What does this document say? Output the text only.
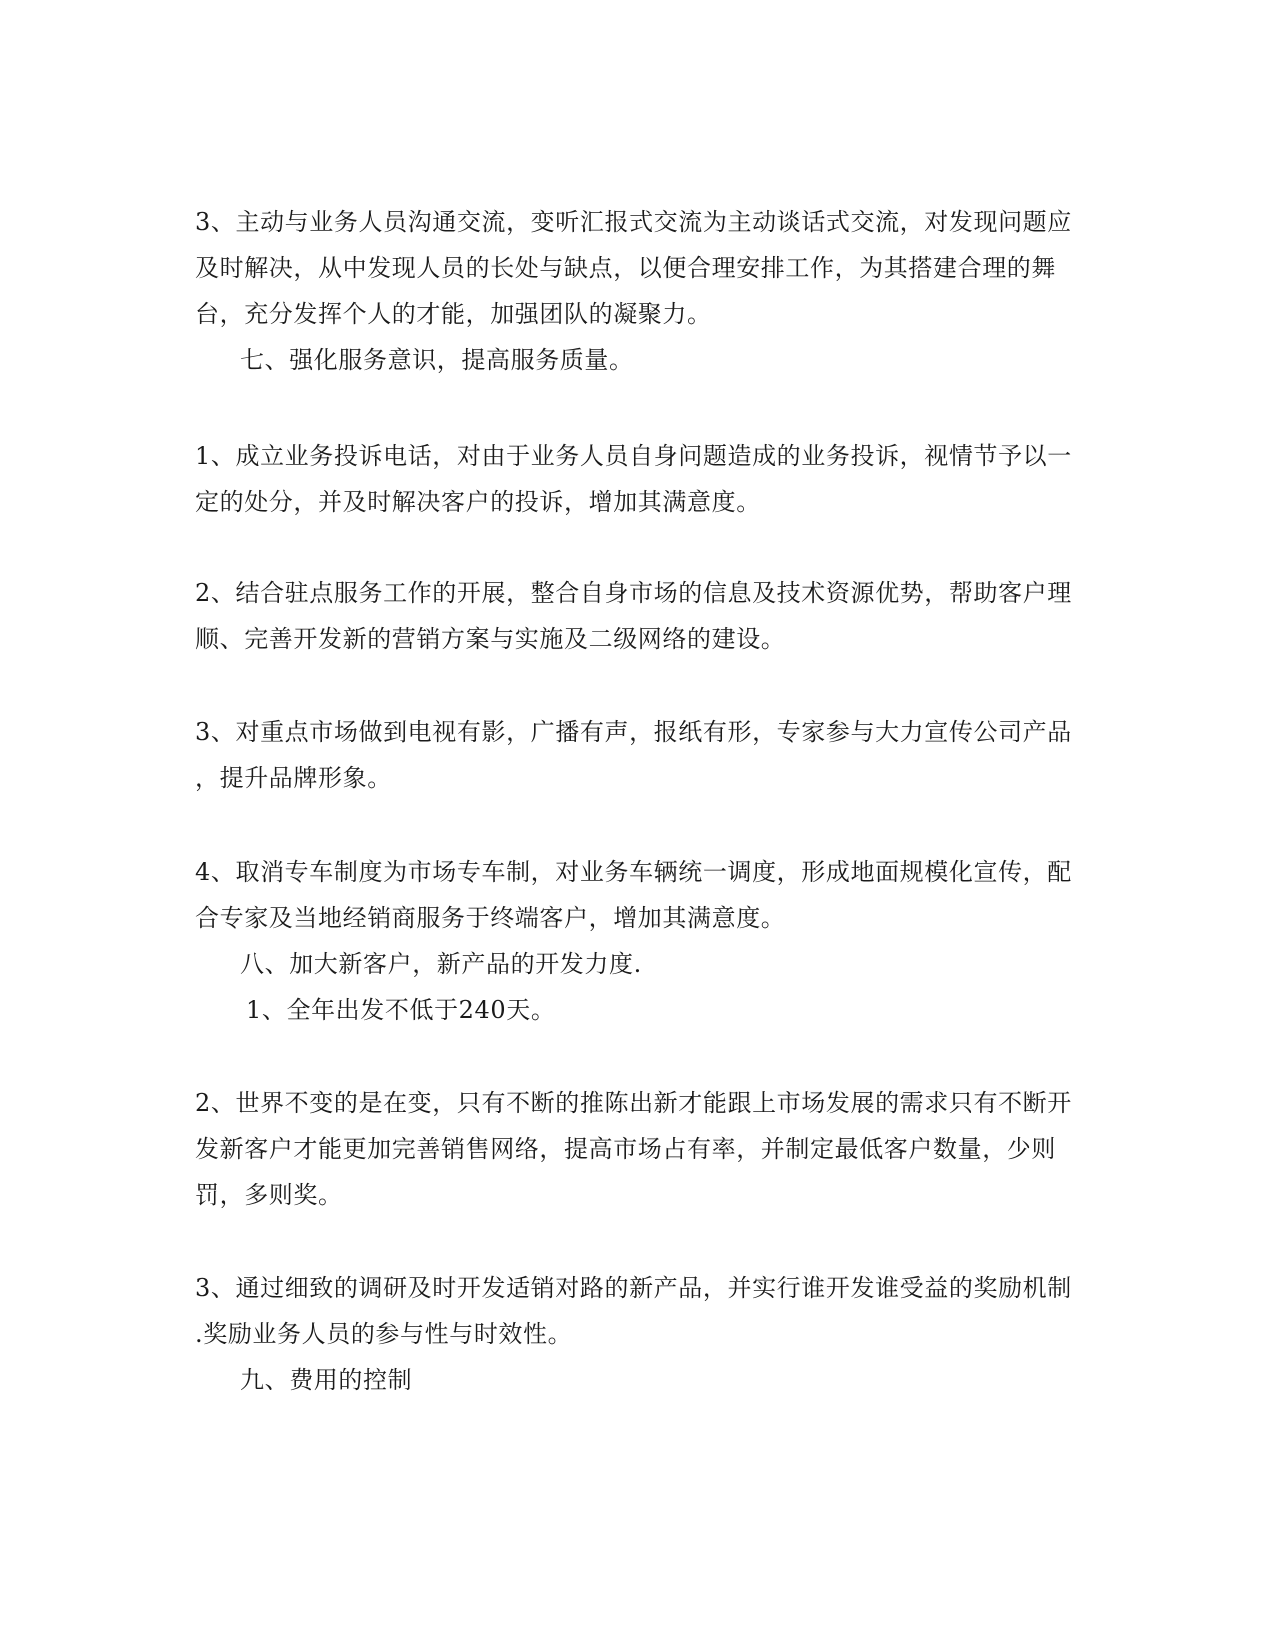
3、主动与业务人员沟通交流，变听汇报式交流为主动谈话式交流，对发现问题应
及时解决，从中发现人员的长处与缺点，以便合理安排工作，为其搭建合理的舞
台，充分发挥个人的才能，加强团队的凝聚力。
七、强化服务意识，提高服务质量。
1、成立业务投诉电话，对由于业务人员自身问题造成的业务投诉，视情节予以一
定的处分，并及时解决客户的投诉，增加其满意度。
2、结合驻点服务工作的开展，整合自身市场的信息及技术资源优势，帮助客户理
顺、完善开发新的营销方案与实施及二级网络的建设。
3、对重点市场做到电视有影，广播有声，报纸有形，专家参与大力宣传公司产品
，提升品牌形象。
4、取消专车制度为市场专车制，对业务车辆统一调度，形成地面规模化宣传，配
合专家及当地经销商服务于终端客户，增加其满意度。
八、加大新客户，新产品的开发力度.
1、全年出发不低于240天。
2、世界不变的是在变，只有不断的推陈出新才能跟上市场发展的需求只有不断开
发新客户才能更加完善销售网络，提高市场占有率，并制定最低客户数量，少则
罚，多则奖。
3、通过细致的调研及时开发适销对路的新产品，并实行谁开发谁受益的奖励机制
.奖励业务人员的参与性与时效性。
九、费用的控制
